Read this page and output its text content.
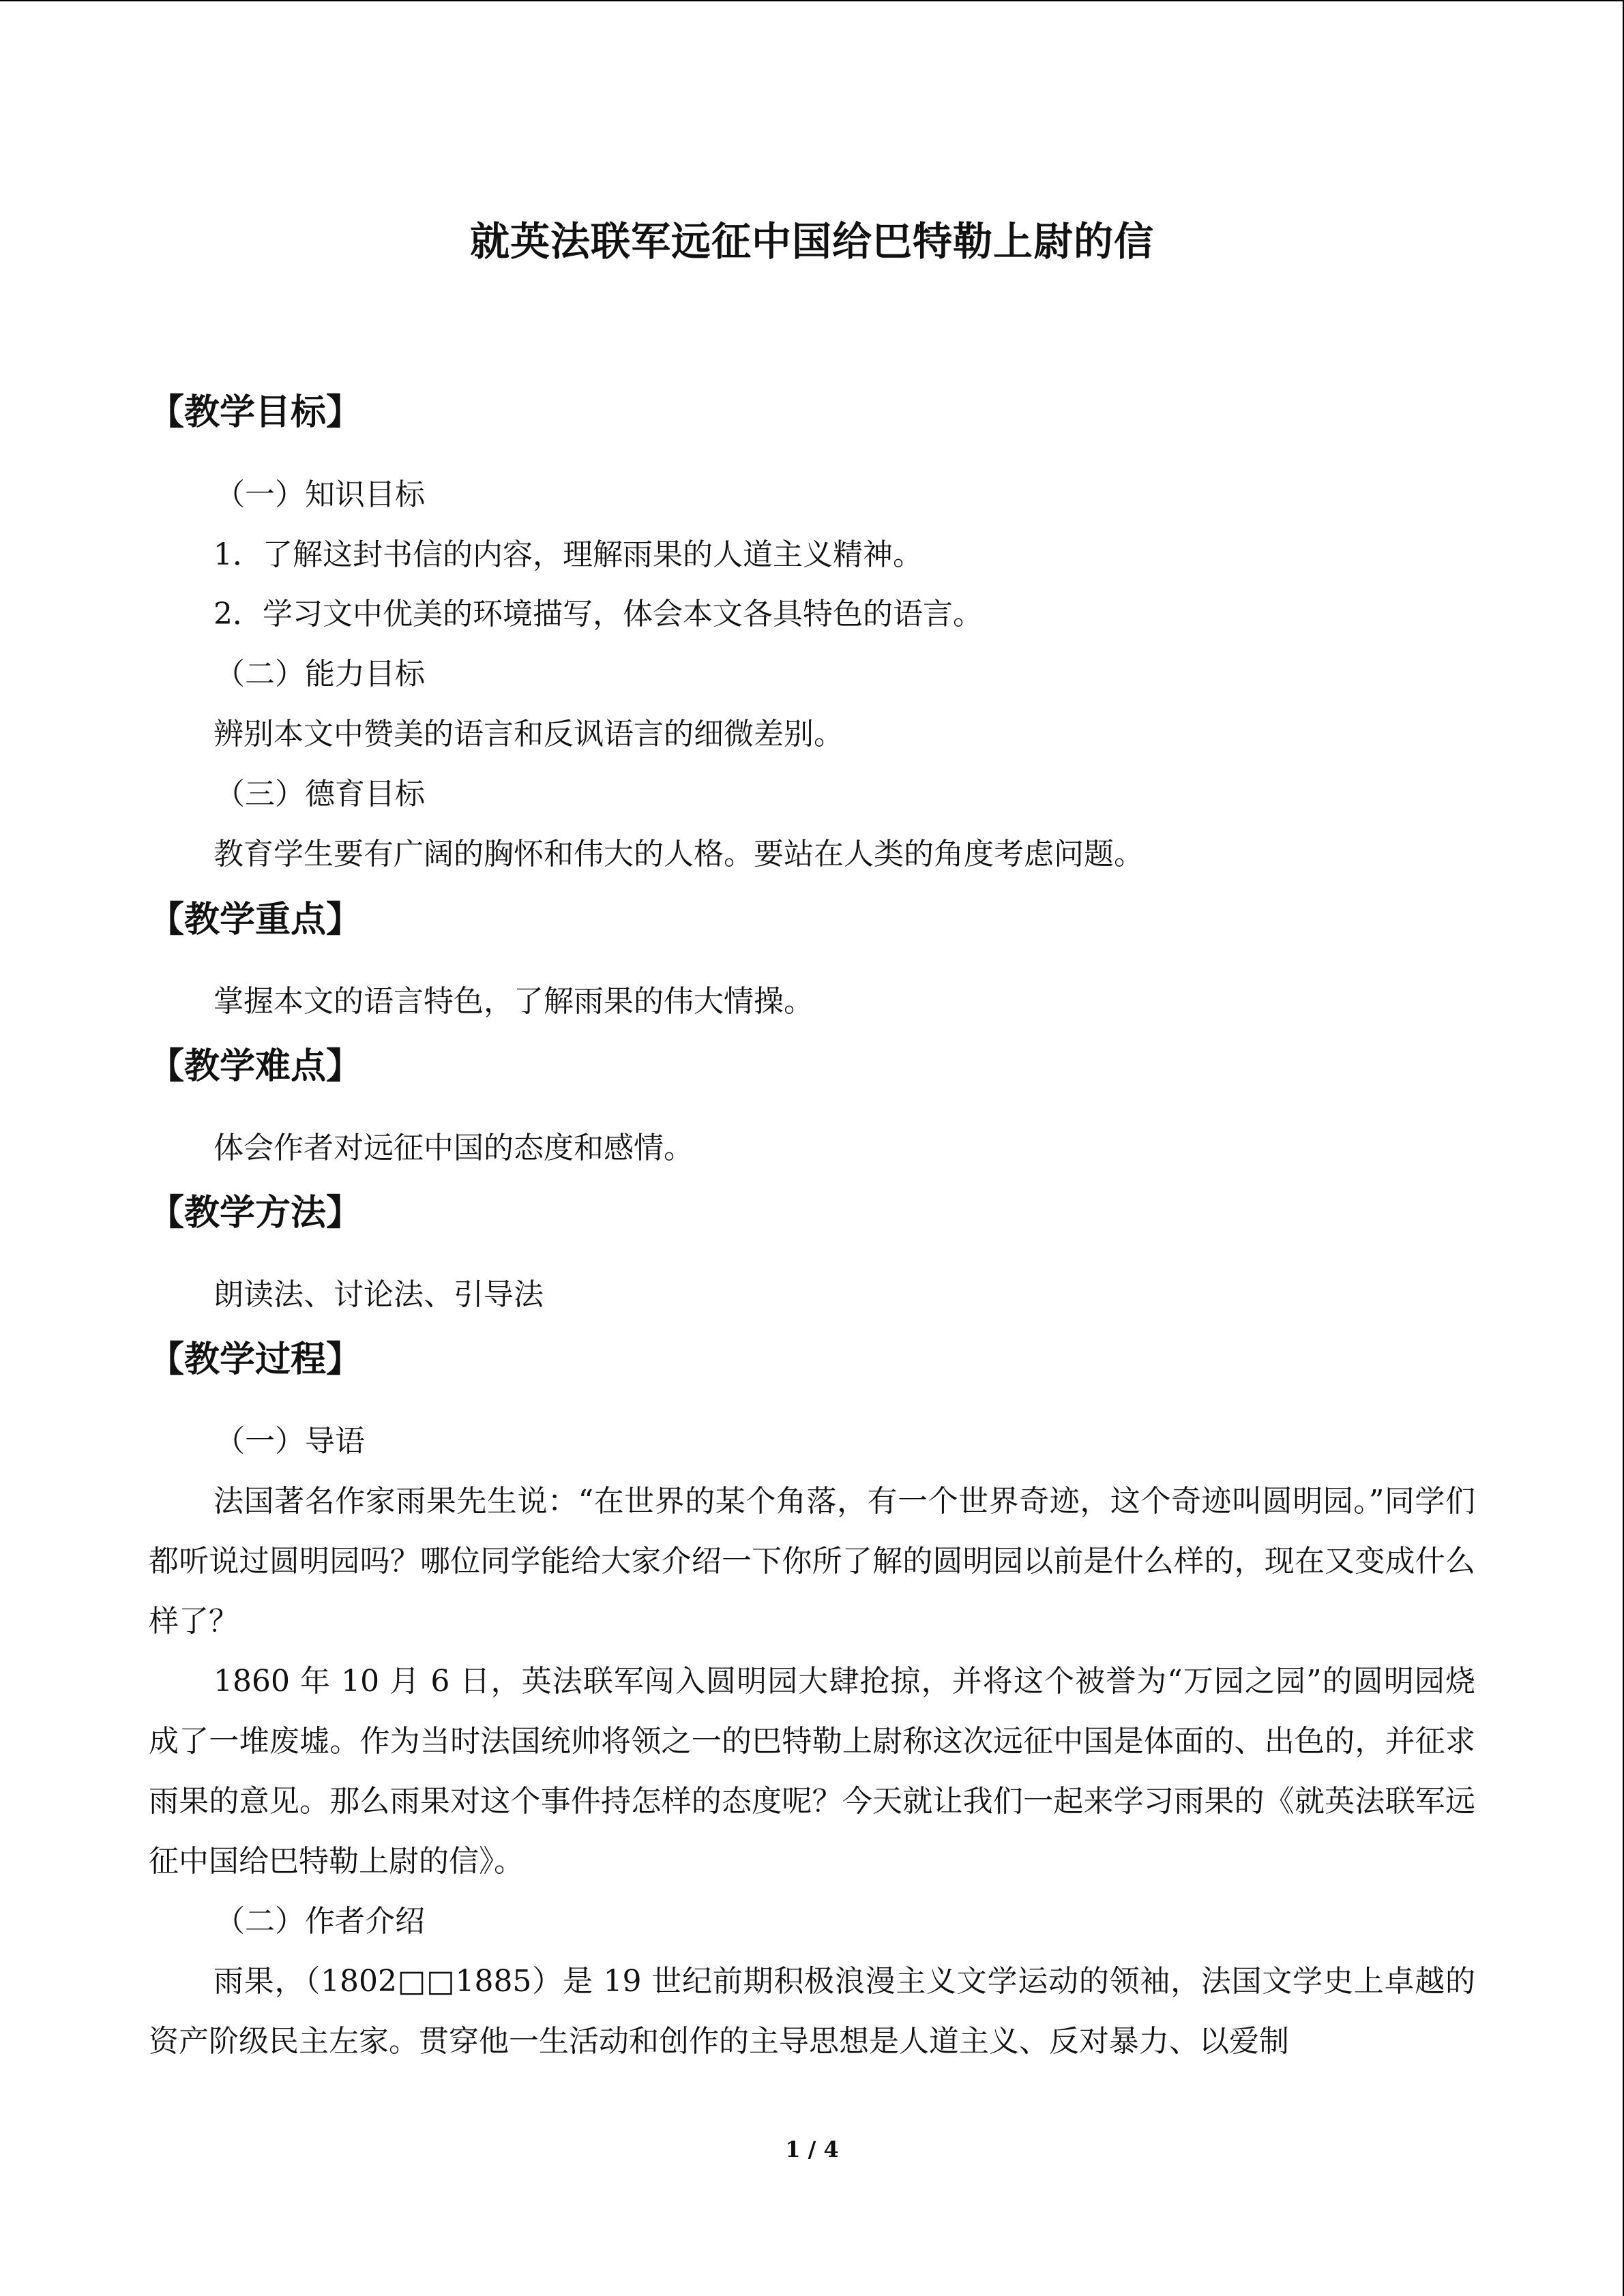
就英法联军远征中国给巴特勒上尉的信
【教学目标】
（一）知识目标
1．了解这封书信的内容，理解雨果的人道主义精神。
2．学习文中优美的环境描写，体会本文各具特色的语言。
（二）能力目标
辨别本文中赞美的语言和反讽语言的细微差别。
（三）德育目标
教育学生要有广阔的胸怀和伟大的人格。要站在人类的角度考虑问题。
【教学重点】
掌握本文的语言特色，了解雨果的伟大情操。
【教学难点】
体会作者对远征中国的态度和感情。
【教学方法】
朗读法、讨论法、引导法
【教学过程】
（一）导语
法国著名作家雨果先生说：“在世界的某个角落，有一个世界奇迹，这个奇迹叫圆明园。”同学们都听说过圆明园吗？哪位同学能给大家介绍一下你所了解的圆明园以前是什么样的，现在又变成什么样了？
1860 年 10 月 6 日，英法联军闯入圆明园大肆抢掠，并将这个被誉为“万园之园”的圆明园烧成了一堆废墟。作为当时法国统帅将领之一的巴特勒上尉称这次远征中国是体面的、出色的，并征求雨果的意见。那么雨果对这个事件持怎样的态度呢？今天就让我们一起来学习雨果的《就英法联军远征中国给巴特勒上尉的信》。
（二）作者介绍
雨果，（1802□□1885）是 19 世纪前期积极浪漫主义文学运动的领袖，法国文学史上卓越的资产阶级民主左家。贯穿他一生活动和创作的主导思想是人道主义、反对暴力、以爱制
1 / 4
